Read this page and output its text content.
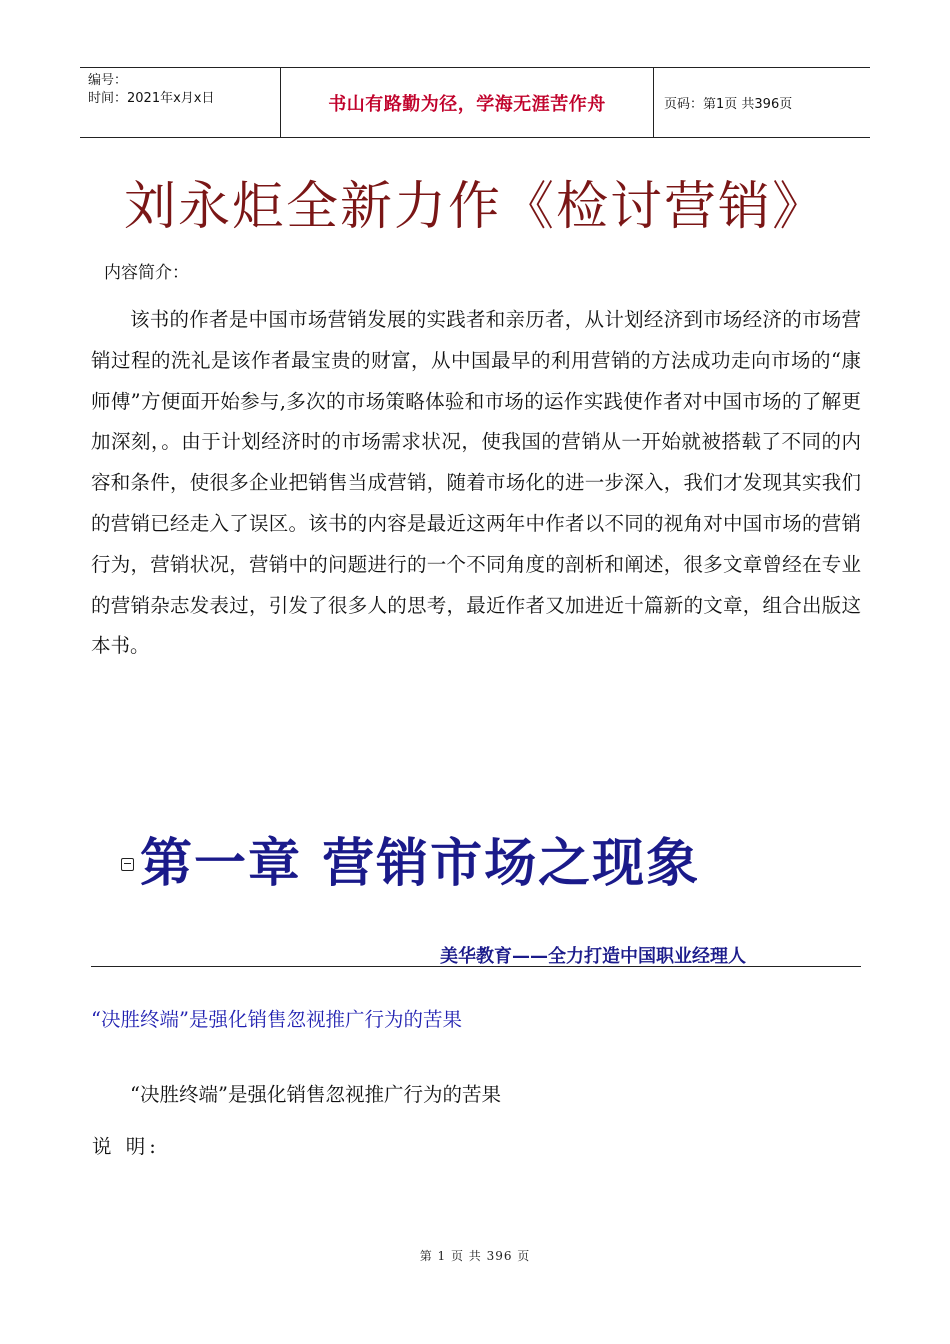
编号：
时间：2021年x月x日	书山有路勤为径，学海无涯苦作舟	页码：第1页 共396页
刘永炬全新力作《检讨营销》
内容简介：
该书的作者是中国市场营销发展的实践者和亲历者，从计划经济到市场经济的市场营销过程的洗礼是该作者最宝贵的财富，从中国最早的利用营销的方法成功走向市场的“康师傅”方便面开始参与,多次的市场策略体验和市场的运作实践使作者对中国市场的了解更加深刻，。由于计划经济时的市场需求状况，使我国的营销从一开始就被搭载了不同的内容和条件，使很多企业把销售当成营销，随着市场化的进一步深入，我们才发现其实我们的营销已经走入了误区。该书的内容是最近这两年中作者以不同的视角对中国市场的营销行为，营销状况，营销中的问题进行的一个不同角度的剖析和阐述，很多文章曾经在专业的营销杂志发表过，引发了很多人的思考，最近作者又加进近十篇新的文章，组合出版这本书。
第一章 营销市场之现象
美华教育——全力打造中国职业经理人
“决胜终端”是强化销售忽视推广行为的苦果
“决胜终端”是强化销售忽视推广行为的苦果
说 明:
第 1 页 共 396 页
